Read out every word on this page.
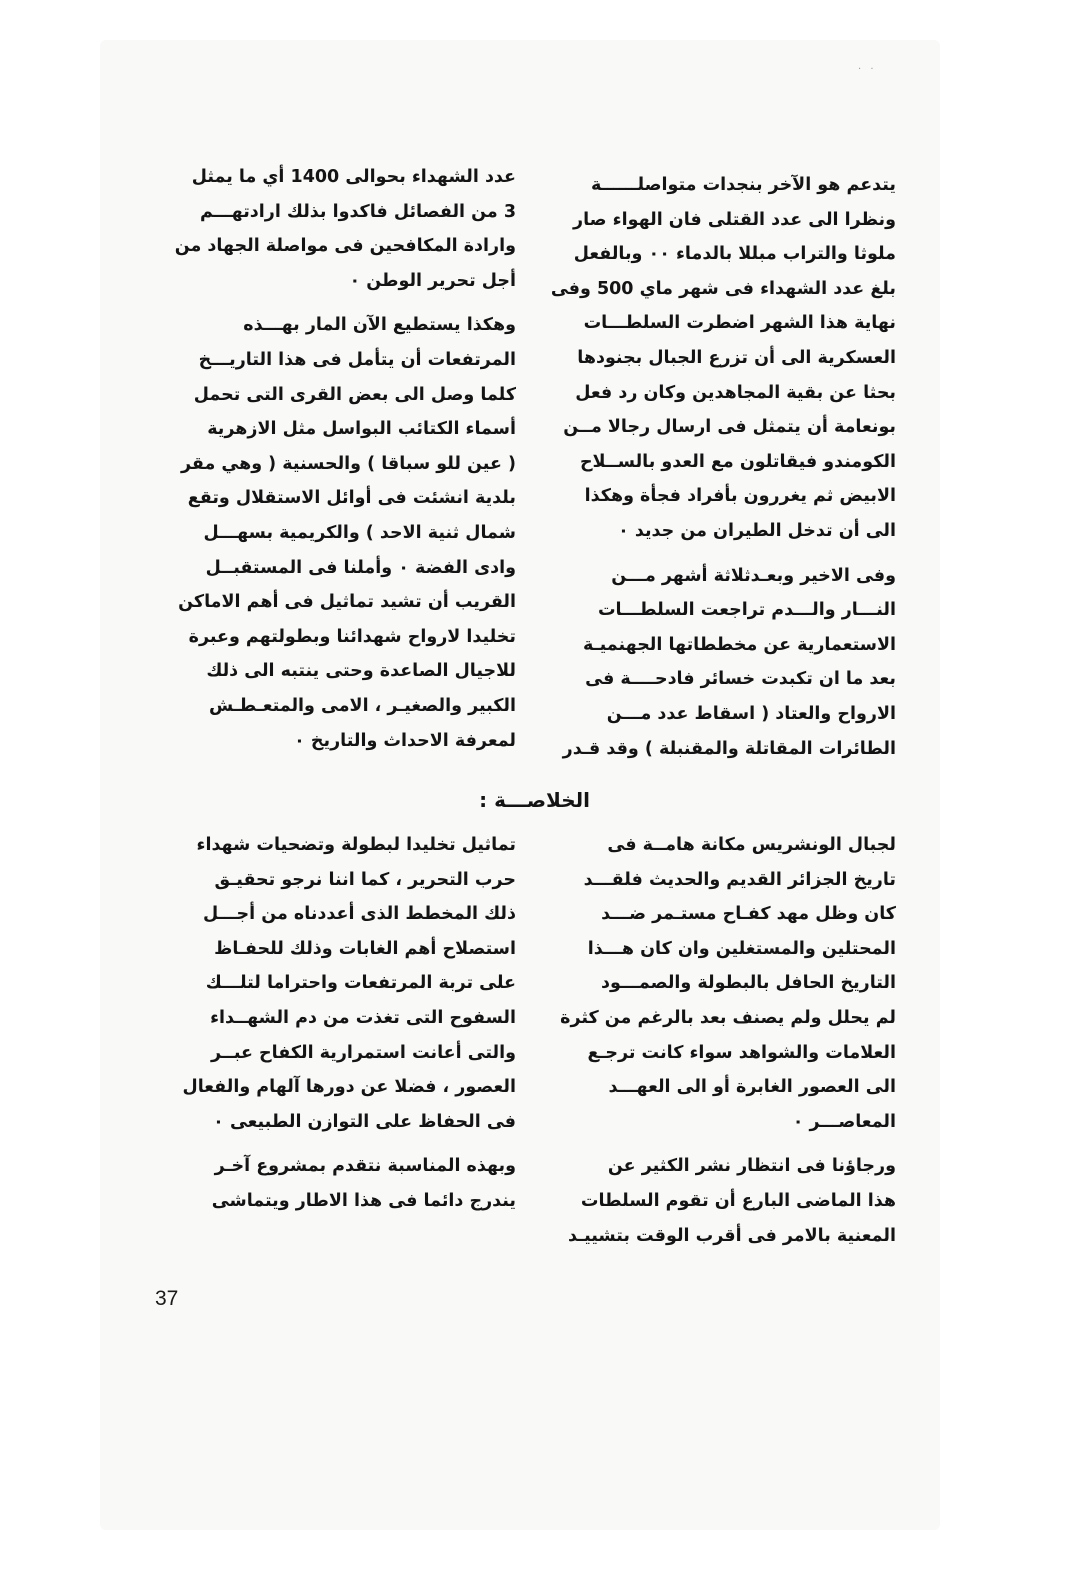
· ·

يتدعم هو الآخر بنجدات متواصلــــــة
ونظرا الى عدد القتلى فان الهواء صار
ملوثا والتراب مبللا بالدماء ٠٠ وبالفعل
بلغ عدد الشهداء فى شهر ماي 500 وفى
نهاية هذا الشهر اضطرت السلطـــات
العسكرية الى أن تزرع الجبال بجنودها
بحثا عن بقية المجاهدين وكان رد فعل
بونعامة أن يتمثل فى ارسال رجالا مــن
الكومندو فيقاتلون مع العدو بالســلاح
الابيض ثم يغررون بأفراد فجأة وهكذا
الى أن تدخل الطيران من جديد ٠

وفى الاخير وبعـدثلاثة أشهر مـــن
النـــار والـــدم تراجعت السلطـــات
الاستعمارية عن مخططاتها الجهنميـة
بعد ما ان تكبدت خسائر فادحــــة فى
الارواح والعتاد ( اسقاط عدد مـــن
الطائرات المقاتلة والمقنبلة ) وقد قـدر

عدد الشهداء بحوالى 1400 أي ما يمثل
3 من الفصائل فاكدوا بذلك ارادتهـــم
وارادة المكافحين فى مواصلة الجهاد من
أجل تحرير الوطن ٠

وهكذا يستطيع الآن المار بهـــذه
المرتفعات أن يتأمل فى هذا التاريـــخ
كلما وصل الى بعض القرى التى تحمل
أسماء الكتائب البواسل مثل الازهرية
( عين للو سباقا ) والحسنية ( وهي مقر
بلدية انشئت فى أوائل الاستقلال وتقع
شمال ثنية الاحد ) والكريمية بسهـــل
وادى الفضة ٠ وأملنا فى المستقبــل
القريب أن تشيد تماثيل فى أهم الاماكن
تخليدا لارواح شهدائنا وبطولتهم وعبرة
للاجيال الصاعدة وحتى ينتبه الى ذلك
الكبير والصغيـر ، الامى والمتعـطـش
لمعرفة الاحداث والتاريخ ٠

الخلاصـــة :

لجبال الونشريس مكانة هامــة فى
تاريخ الجزائر القديم والحديث فلقـــد
كان وظل مهد كفـاح مستـمر ضـــد
المحتلين والمستغلين وان كان هـــذا
التاريخ الحافل بالبطولة والصمـــود
لم يحلل ولم يصنف بعد بالرغم من كثرة
العلامات والشواهد سواء كانت ترجـع
الى العصور الغابرة أو الى العهـــد
المعاصـــر ٠

ورجاؤنا فى انتظار نشر الكثير عن
هذا الماضى البارع أن تقوم السلطات
المعنية بالامر فى أقرب الوقت بتشييـد

تماثيل تخليدا لبطولة وتضحيات شهداء
حرب التحرير ، كما اننا نرجو تحقيـق
ذلك المخطط الذى أعددناه من أجـــل
استصلاح أهم الغابات وذلك للحفـاظ
على تربة المرتفعات واحتراما لتلـــك
السفوح التى تغذت من دم الشهــداء
والتى أعانت استمرارية الكفاح عبــر
العصور ، فضلا عن دورها آلهام والفعال
فى الحفاظ على التوازن الطبيعى ٠

وبهذه المناسبة نتقدم بمشروع آخـر
يندرج دائما فى هذا الاطار ويتماشى

37
